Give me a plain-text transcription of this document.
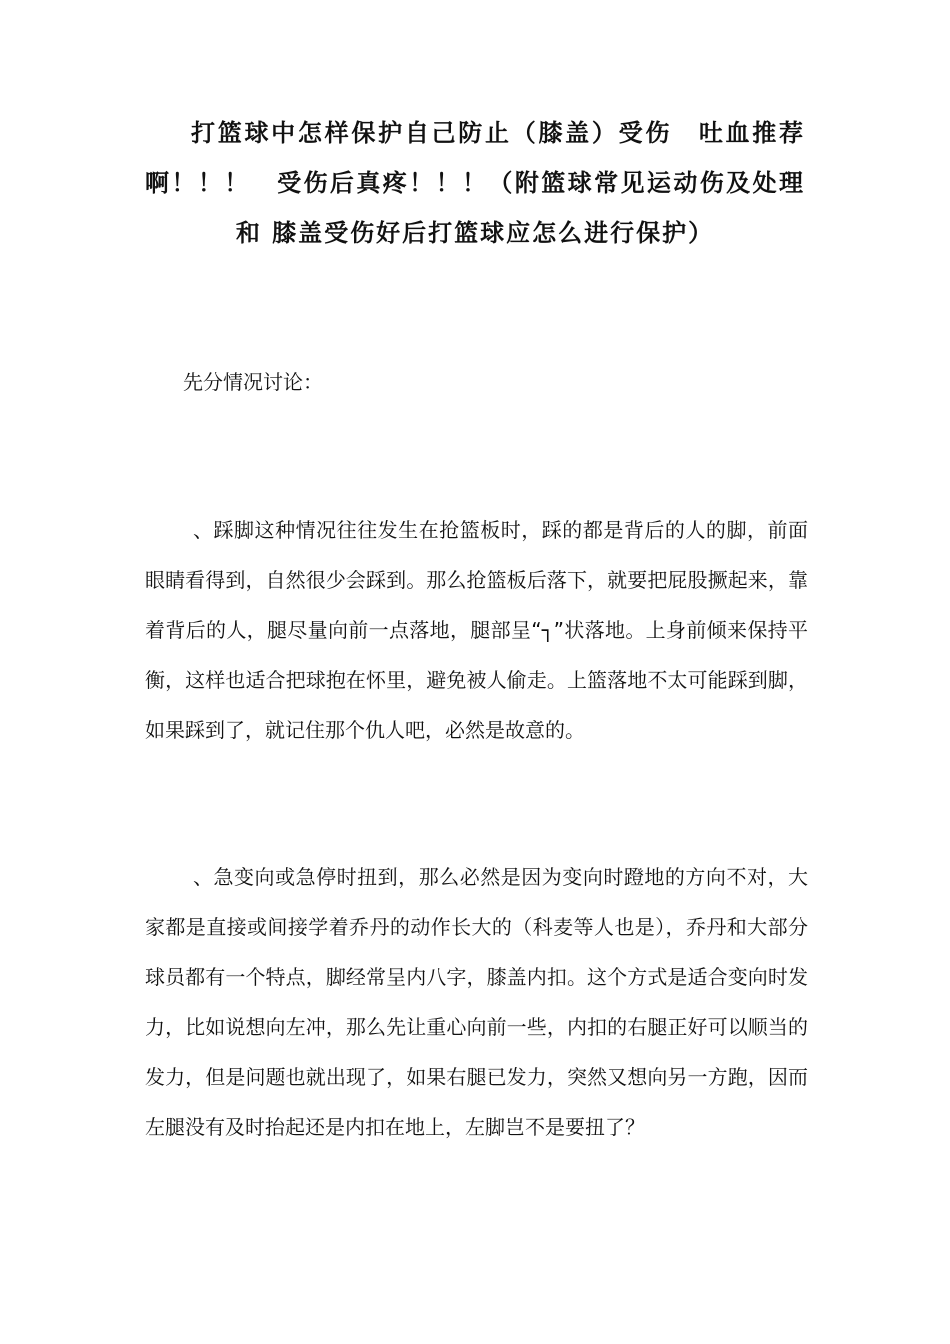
打篮球中怎样保护自己防止（膝盖）受伤　吐血推荐啊！！！　受伤后真疼！！！（附篮球常见运动伤及处理 和 膝盖受伤好后打篮球应怎么进行保护）

先分情况讨论：

、踩脚这种情况往往发生在抢篮板时，踩的都是背后的人的脚，前面眼睛看得到，自然很少会踩到。那么抢篮板后落下，就要把屁股撅起来，靠着背后的人，腿尽量向前一点落地，腿部呈“┐”状落地。上身前倾来保持平衡，这样也适合把球抱在怀里，避免被人偷走。上篮落地不太可能踩到脚，如果踩到了，就记住那个仇人吧，必然是故意的。

、急变向或急停时扭到，那么必然是因为变向时蹬地的方向不对，大家都是直接或间接学着乔丹的动作长大的（科麦等人也是），乔丹和大部分球员都有一个特点，脚经常呈内八字，膝盖内扣。这个方式是适合变向时发力，比如说想向左冲，那么先让重心向前一些，内扣的右腿正好可以顺当的发力，但是问题也就出现了，如果右腿已发力，突然又想向另一方跑，因而左腿没有及时抬起还是内扣在地上，左脚岂不是要扭了？
